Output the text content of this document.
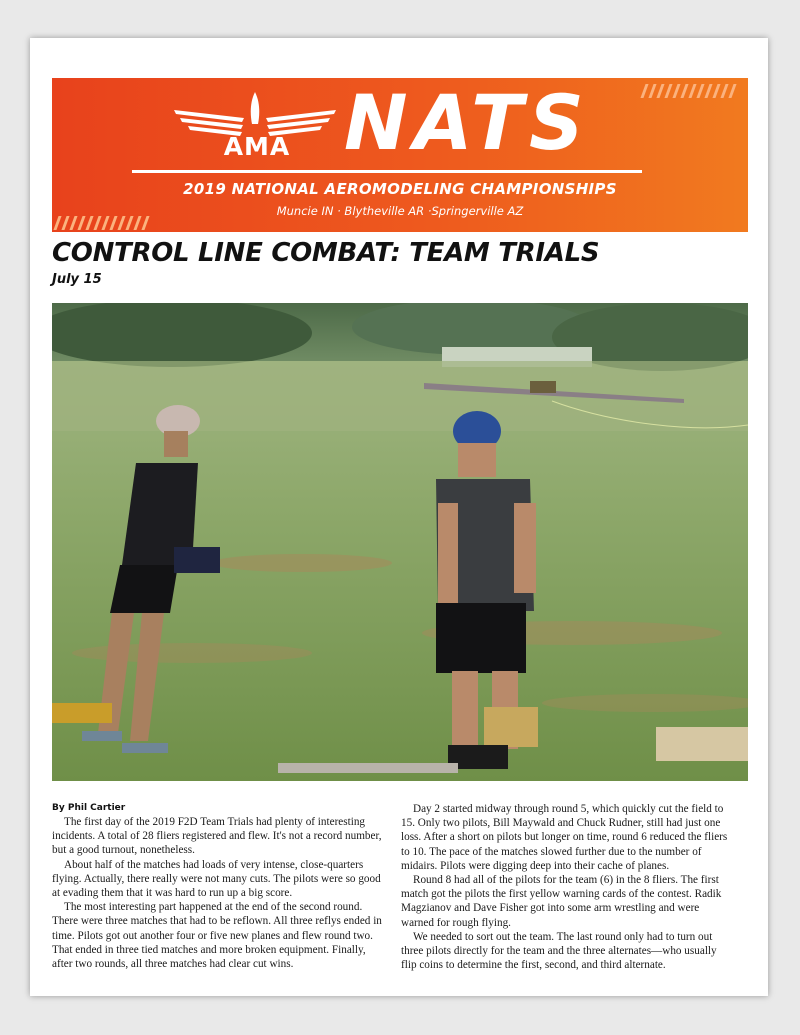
AMA NATS
2019 NATIONAL AEROMODELING CHAMPIONSHIPS
Muncie IN · Blytheville AR ·Springerville AZ
CONTROL LINE COMBAT: TEAM TRIALS
July 15
By Phil Cartier

The first day of the 2019 F2D Team Trials had plenty of interesting incidents. A total of 28 fliers registered and flew. It's not a record number, but a good turnout, nonetheless.

About half of the matches had loads of very intense, close-quarters flying. Actually, there really were not many cuts. The pilots were so good at evading them that it was hard to run up a big score.

The most interesting part happened at the end of the second round. There were three matches that had to be reflown. All three reflys ended in time. Pilots got out another four or five new planes and flew round two. That ended in three tied matches and more broken equipment. Finally, after two rounds, all three matches had clear cut wins.

Day 2 started midway through round 5, which quickly cut the field to 15. Only two pilots, Bill Maywald and Chuck Rudner, still had just one loss. After a short on pilots but longer on time, round 6 reduced the fliers to 10. The pace of the matches slowed further due to the number of midairs. Pilots were digging deep into their cache of planes.

Round 8 had all of the pilots for the team (6) in the 8 fliers. The first match got the pilots the first yellow warning cards of the contest. Radik Magzianov and Dave Fisher got into some arm wrestling and were warned for rough flying.

We needed to sort out the team. The last round only had to turn out three pilots directly for the team and the three alternates—who usually flip coins to determine the first, second, and third alternate.
